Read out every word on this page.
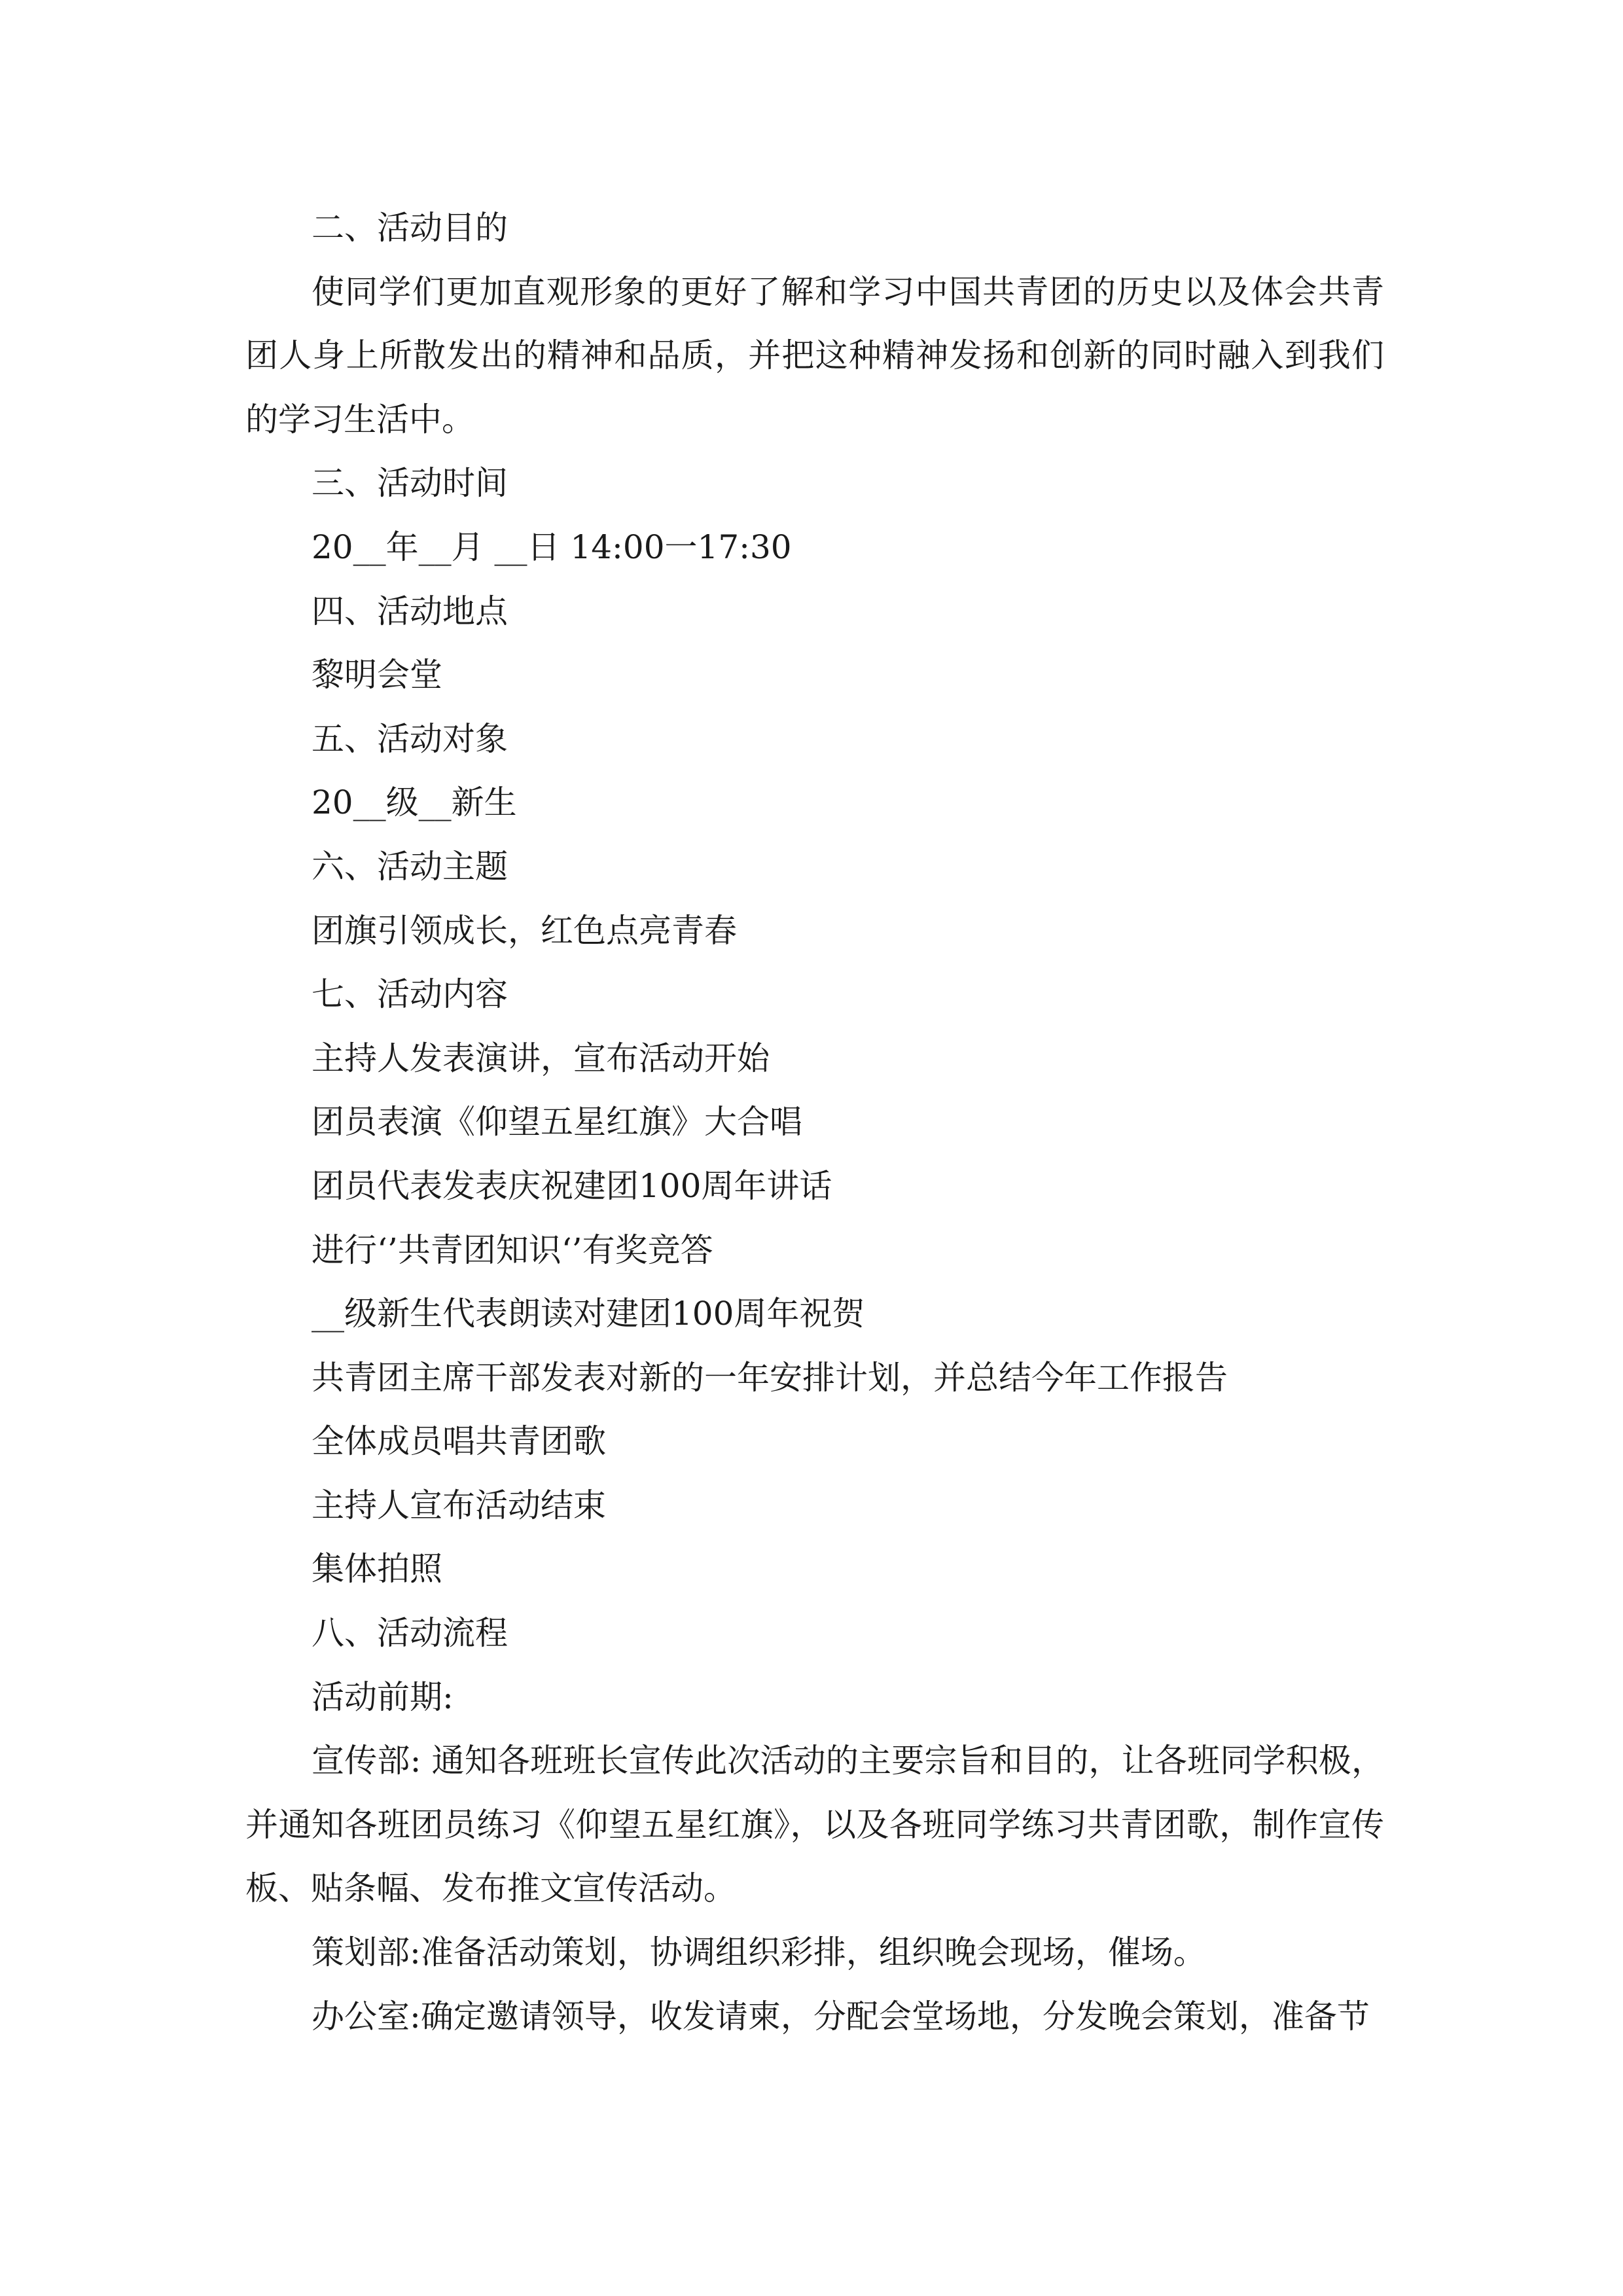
二、活动目的
使同学们更加直观形象的更好了解和学习中国共青团的历史以及体会共青团人身上所散发出的精神和品质，并把这种精神发扬和创新的同时融入到我们的学习生活中。
三、活动时间
20__年__月 __日 14:00一17:30
四、活动地点
黎明会堂
五、活动对象
20__级__新生
六、活动主题
团旗引领成长，红色点亮青春
七、活动内容
主持人发表演讲，宣布活动开始
团员表演《仰望五星红旗》大合唱
团员代表发表庆祝建团100周年讲话
进行‘’共青团知识‘’有奖竞答
__级新生代表朗读对建团100周年祝贺
共青团主席干部发表对新的一年安排计划，并总结今年工作报告
全体成员唱共青团歌
主持人宣布活动结束
集体拍照
八、活动流程
活动前期:
宣传部: 通知各班班长宣传此次活动的主要宗旨和目的，让各班同学积极，并通知各班团员练习《仰望五星红旗》，以及各班同学练习共青团歌，制作宣传板、贴条幅、发布推文宣传活动。
策划部:准备活动策划，协调组织彩排，组织晚会现场，催场。
办公室:确定邀请领导，收发请柬，分配会堂场地，分发晚会策划，准备节
